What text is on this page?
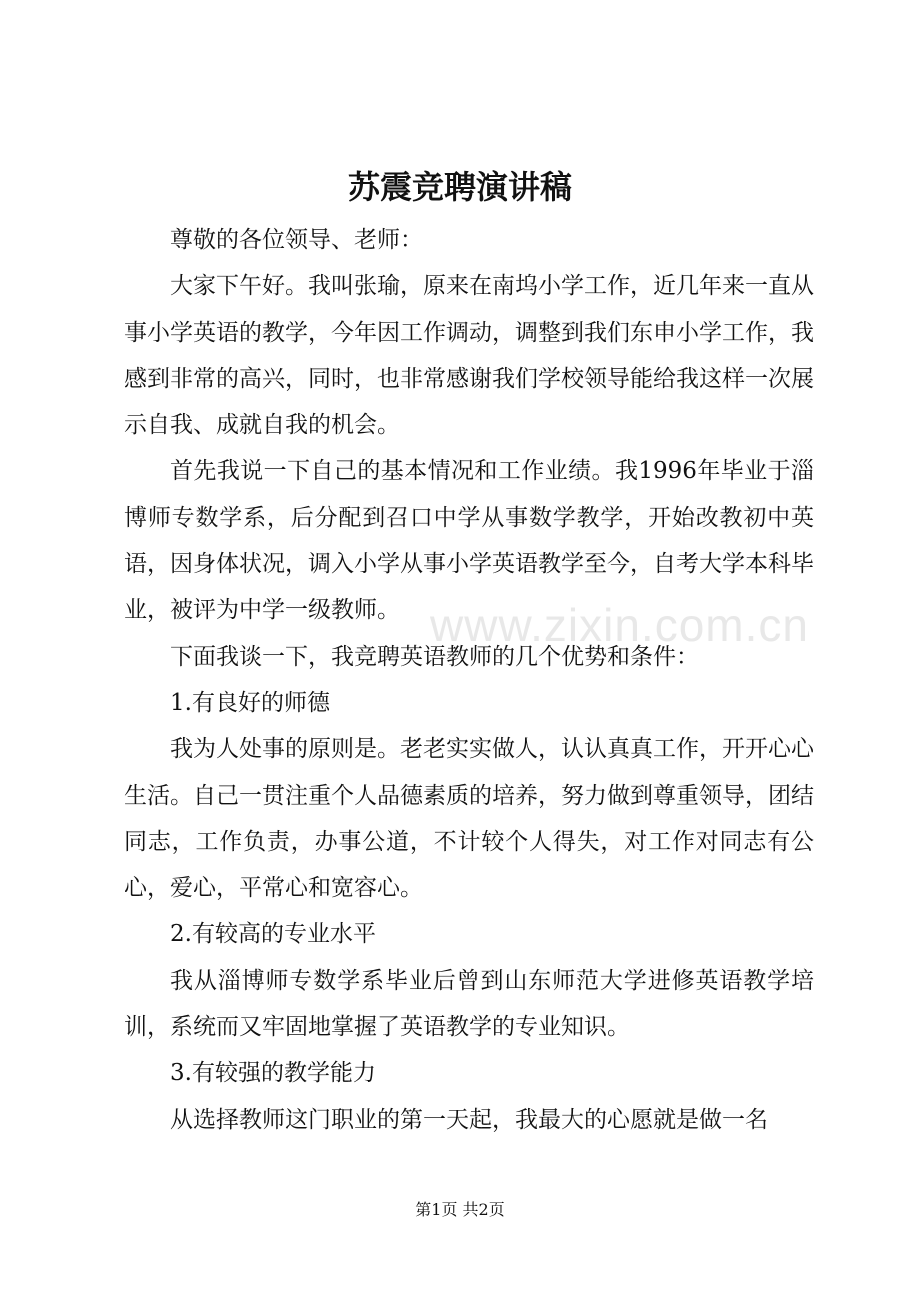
www.zixin.com.cn
苏震竞聘演讲稿

尊敬的各位领导、老师：

大家下午好。我叫张瑜，原来在南坞小学工作，近几年来一直从事小学英语的教学，今年因工作调动，调整到我们东申小学工作，我感到非常的高兴，同时，也非常感谢我们学校领导能给我这样一次展示自我、成就自我的机会。

首先我说一下自己的基本情况和工作业绩。我1996年毕业于淄博师专数学系，后分配到召口中学从事数学教学，开始改教初中英语，因身体状况，调入小学从事小学英语教学至今，自考大学本科毕业，被评为中学一级教师。

下面我谈一下，我竞聘英语教师的几个优势和条件：

1.有良好的师德

我为人处事的原则是。老老实实做人，认认真真工作，开开心心生活。自己一贯注重个人品德素质的培养，努力做到尊重领导，团结同志，工作负责，办事公道，不计较个人得失，对工作对同志有公心，爱心，平常心和宽容心。

2.有较高的专业水平

我从淄博师专数学系毕业后曾到山东师范大学进修英语教学培训，系统而又牢固地掌握了英语教学的专业知识。

3.有较强的教学能力

从选择教师这门职业的第一天起，我最大的心愿就是做一名

第1页 共2页
